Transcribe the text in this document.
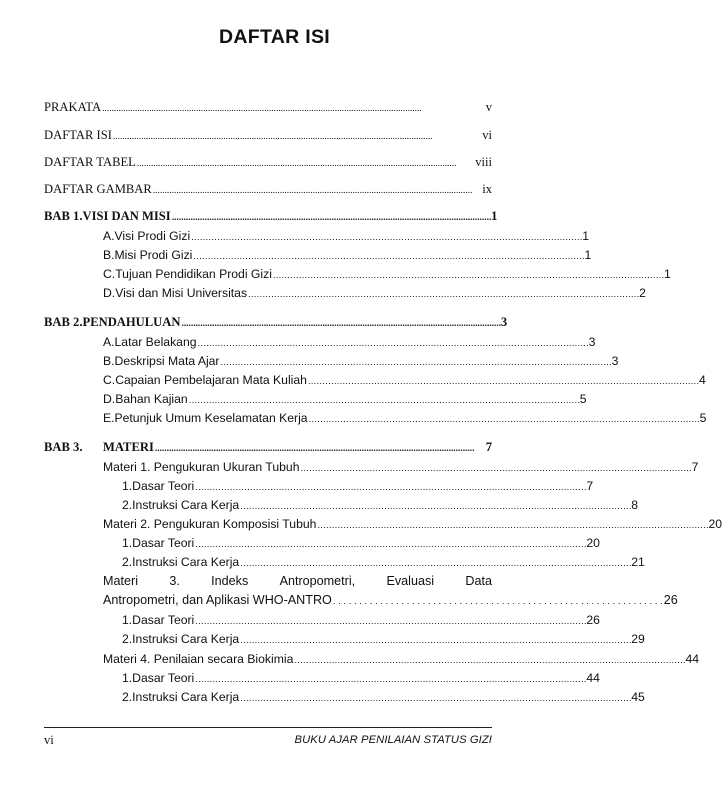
DAFTAR ISI
PRAKATA . . .	v
DAFTAR ISI . . .	vi
DAFTAR TABEL . . .	viii
DAFTAR GAMBAR . . .	ix
BAB 1. VISI DAN MISI . . .	1
A. Visi Prodi Gizi . . .	1
B. Misi Prodi Gizi . . .	1
C. Tujuan Pendidikan Prodi Gizi . . .	1
D. Visi dan Misi Universitas . . .	2
BAB 2. PENDAHULUAN . . .	3
A. Latar Belakang . . .	3
B. Deskripsi Mata Ajar . . .	3
C. Capaian Pembelajaran Mata Kuliah . . .	4
D. Bahan Kajian . . .	5
E. Petunjuk Umum Keselamatan Kerja . . .	5
BAB 3.	MATERI . . .	7
Materi 1. Pengukuran Ukuran Tubuh . . .	7
1. Dasar Teori . . .	7
2. Instruksi Cara Kerja . . .	8
Materi 2. Pengukuran Komposisi Tubuh . . .	20
1. Dasar Teori . . .	20
2. Instruksi Cara Kerja . . .	21
Materi 3. Indeks Antropometri, Evaluasi Data
Antropometri, dan Aplikasi WHO-ANTRO . . . . . . . . . . . . . . . . . . . . . . . . . . . . . . . . . . . . . . . . . . . . . . . . . . . . . . . . . . . . . . . 26
1. Dasar Teori . . .	26
2. Instruksi Cara Kerja . . .	29
Materi 4. Penilaian secara Biokimia . . .	44
1. Dasar Teori . . .	44
2. Instruksi Cara Kerja . . .	45
vi	BUKU AJAR PENILAIAN STATUS GIZI
